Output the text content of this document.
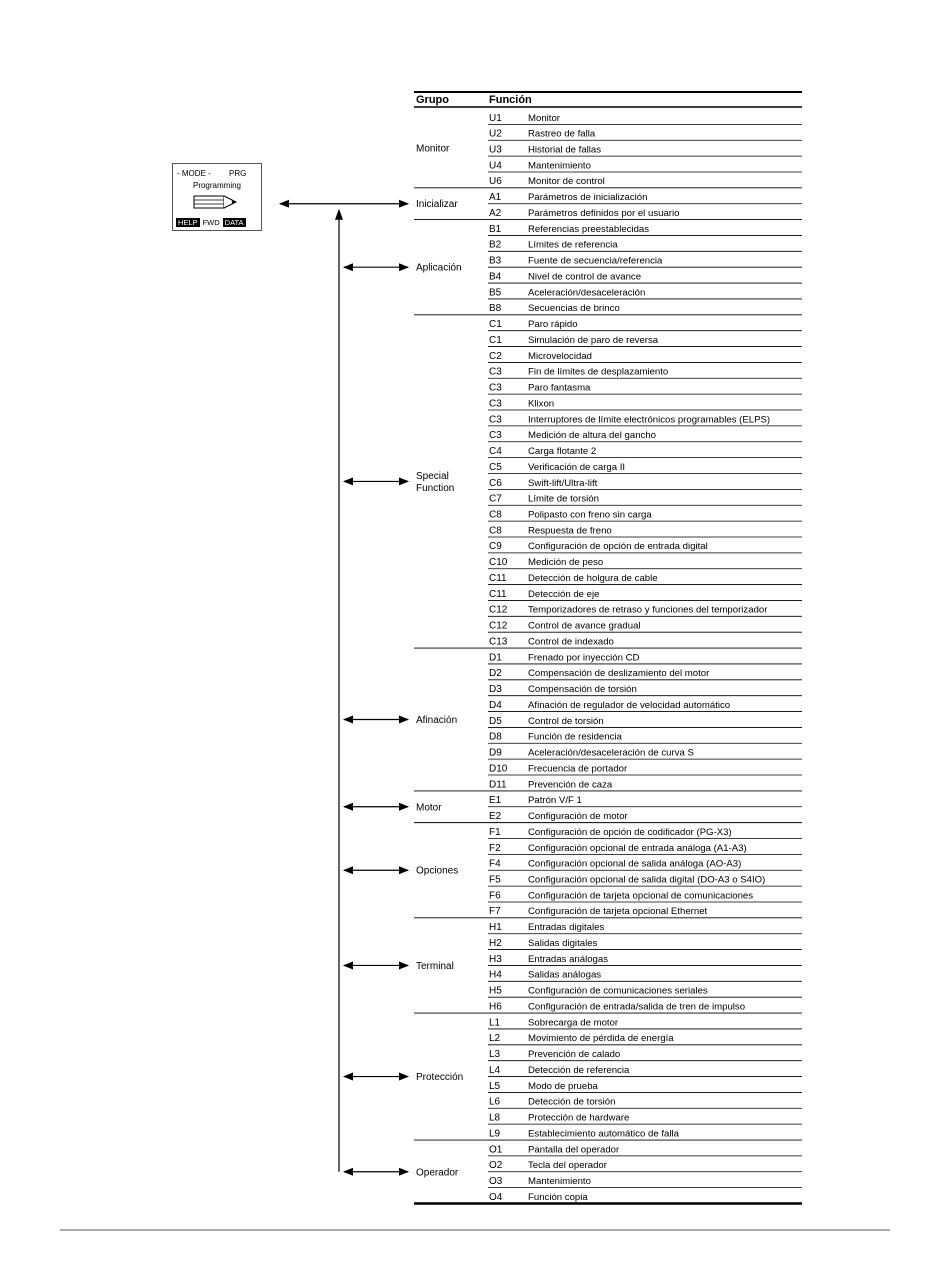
Monitor
U1	Monitor
U2	Rastreo de falla
U3	Historial de fallas
U4	Mantenimiento
U6	Monitor de control
Inicializar
A1	Parámetros de inicialización
A2	Parámetros definidos por el usuario
Aplicación
B1	Referencias preestablecidas
B2	Límites de referencia
B3	Fuente de secuencia/referencia
B4	Nivel de control de avance
B5	Aceleración/desaceleración
B8	Secuencias de brinco
Special Function
C1	Paro rápido
C1	Simulación de paro de reversa
C2	Microvelocidad
C3	Fin de límites de desplazamiento
C3	Paro fantasma
C3	Klixon
C3	Interruptores de límite electrónicos programables (ELPS)
C3	Medición de altura del gancho
C4	Carga flotante 2
C5	Verificación de carga II
C6	Swift-lift/Ultra-lift
C7	Límite de torsión
C8	Polipasto con freno sin carga
C8	Respuesta de freno
C9	Configuración de opción de entrada digital
C10 Medición de peso
C11 Detección de holgura de cable
C11 Detección de eje
C12 Temporizadores de retraso y funciones del temporizador
C12 Control de avance gradual
C13 Control de indexado
Afinación
D1	Frenado por inyección CD
D2	Compensación de deslizamiento del motor
D3	Compensación de torsión
D4	Afinación de regulador de velocidad automático
D5	Control de torsión
D8	Función de residencia
D9	Aceleración/desaceleración de curva S
D10 Frecuencia de portador
D11 Prevención de caza
Motor
E1	Patrón V/F 1
E2	Configuración de motor
Opciones
F1	Configuración de opción de codificador (PG-X3)
F2	Configuración opcional de entrada análoga (A1-A3)
F4	Configuración opcional de salida análoga (AO-A3)
F5	Configuración opcional de salida digital (DO-A3 o S4IO)
F6	Configuración de tarjeta opcional de comunicaciones
F7	Configuración de tarjeta opcional Ethernet
Terminal
H1	Entradas digitales
H2	Salidas digitales
H3	Entradas análogas
H4	Salidas análogas
H5	Configuración de comunicaciones seriales
H6	Configuración de entrada/salida de tren de impulso
Protección
L1	Sobrecarga de motor
L2	Movimiento de pérdida de energía
L3	Prevención de calado
L4	Detección de referencia
L5	Modo de prueba
L6	Detección de torsión
L8	Protección de hardware
L9	Establecimiento automático de falla
Operador
O1	Pantalla del operador
O2	Tecla del operador
O3	Mantenimiento
O4	Función copia
Grupo	Función
- MODE - PRG
Programming
HELP FWD DATA
